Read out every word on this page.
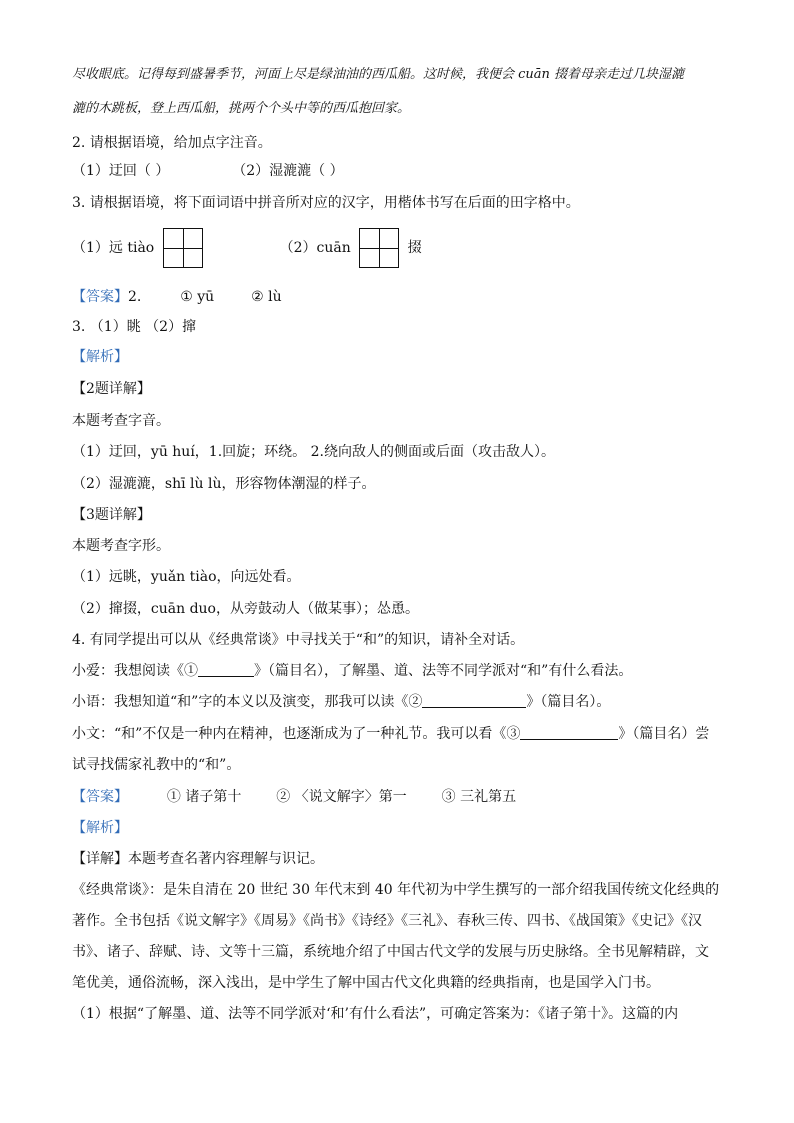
尽收眼底。记得每到盛暑季节，河面上尽是绿油油的西瓜船。这时候，我便会 cuān 掇着母亲走过几块湿漉
漉的木跳板，登上西瓜船，挑两个个头中等的西瓜抱回家。
2. 请根据语境，给加点字注音。
（1）迂回（ ）	（2）湿漉漉（ ）
3. 请根据语境，将下面词语中拼音所对应的汉字，用楷体书写在后面的田字格中。
（1）远 tiào	（2）cuān	掇
【答案】2.	① yū	② lù
3. （1）眺 （2）撺
【解析】
【2题详解】
本题考查字音。
（1）迂回，yū huí，1.回旋；环绕。 2.绕向敌人的侧面或后面（攻击敌人）。
（2）湿漉漉，shī lù lù，形容物体潮湿的样子。
【3题详解】
本题考查字形。
（1）远眺，yuǎn tiào，向远处看。
（2）撺掇，cuān duo，从旁鼓动人（做某事）；怂恿。
4. 有同学提出可以从《经典常谈》中寻找关于“和”的知识，请补全对话。
小爱：我想阅读《①	》（篇目名），了解墨、道、法等不同学派对“和”有什么看法。
小语：我想知道“和”字的本义以及演变，那我可以读《②	》（篇目名）。
小文：“和”不仅是一种内在精神，也逐渐成为了一种礼节。我可以看《③	》（篇目名）尝
试寻找儒家礼教中的“和”。
【答案】	① 诸子第十 ② 〈说文解字〉第一 ③ 三礼第五
【解析】
【详解】本题考查名著内容理解与识记。
《经典常谈》：是朱自清在 20 世纪 30 年代末到 40 年代初为中学生撰写的一部介绍我国传统文化经典的
著作。全书包括《说文解字》《周易》《尚书》《诗经》《三礼》、春秋三传、四书、《战国策》《史记》《汉
书》、诸子、辞赋、诗、文等十三篇，系统地介绍了中国古代文学的发展与历史脉络。全书见解精辟，文
笔优美，通俗流畅，深入浅出，是中学生了解中国古代文化典籍的经典指南，也是国学入门书。
（1）根据“了解墨、道、法等不同学派对‘和’有什么看法”，可确定答案为：《诸子第十》。这篇的内
